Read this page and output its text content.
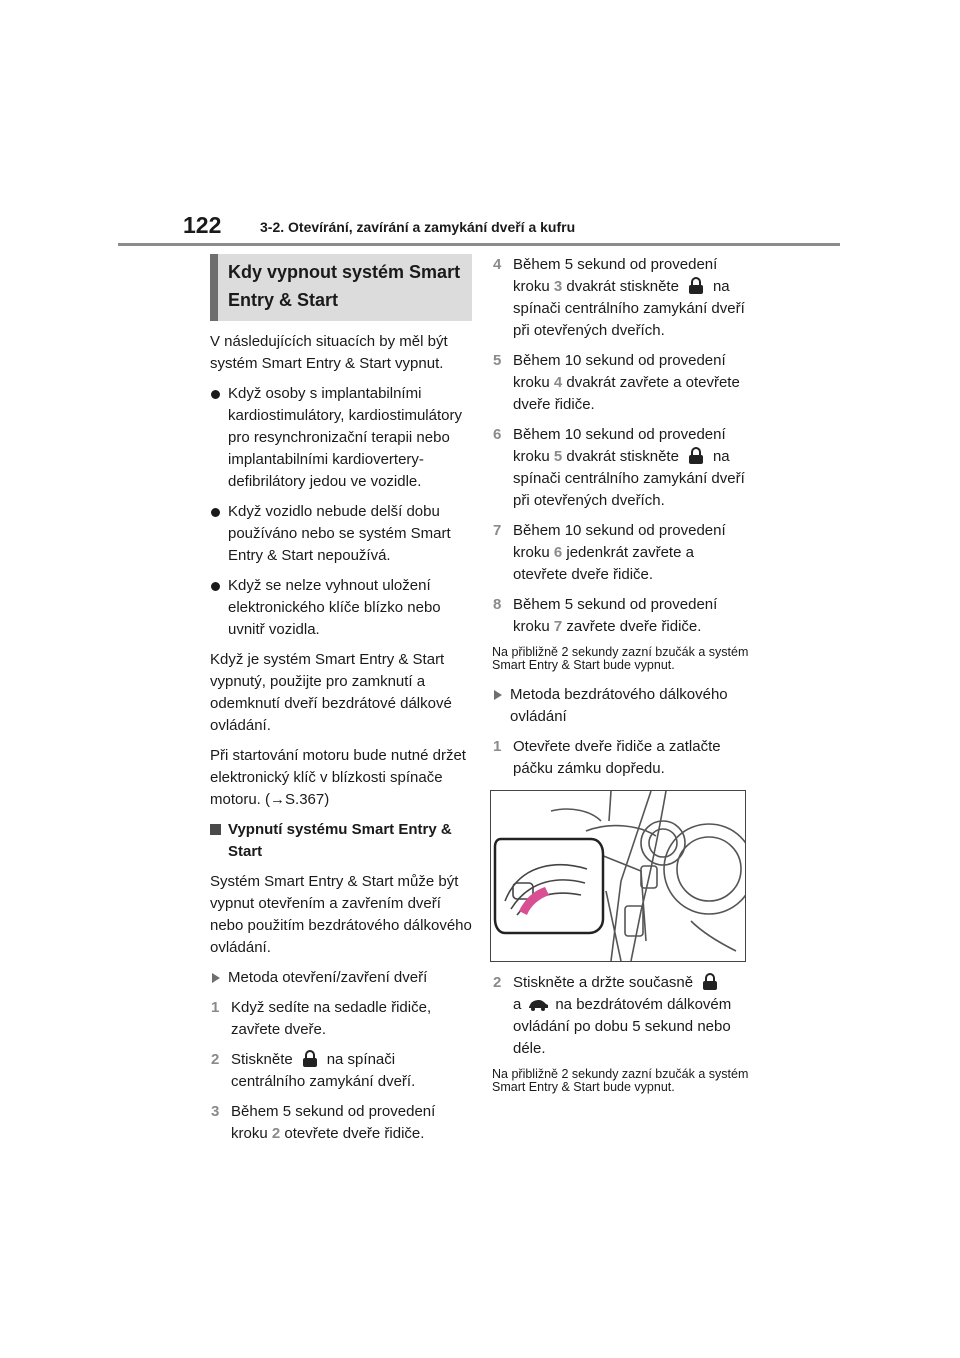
122	3-2. Otevírání, zavírání a zamykání dveří a kufru
Kdy vypnout systém Smart Entry & Start

V následujících situacích by měl být systém Smart Entry & Start vypnut.

Když osoby s implantabilními kardiostimulátory, kardiostimulátory pro resynchronizační terapii nebo implantabilními kardiovertery-defibrilátory jedou ve vozidle.

Když vozidlo nebude delší dobu používáno nebo se systém Smart Entry & Start nepoužívá.

Když se nelze vyhnout uložení elektronického klíče blízko nebo uvnitř vozidla.

Když je systém Smart Entry & Start vypnutý, použijte pro zamknutí a odemknutí dveří bezdrátové dálkové ovládání.

Při startování motoru bude nutné držet elektronický klíč v blízkosti spínače motoru. (→S.367)

Vypnutí systému Smart Entry & Start

Systém Smart Entry & Start může být vypnut otevřením a zavřením dveří nebo použitím bezdrátového dálkového ovládání.

Metoda otevření/zavření dveří

1 Když sedíte na sedadle řidiče, zavřete dveře.

2 Stiskněte na spínači centrálního zamykání dveří.

3 Během 5 sekund od provedení kroku 2 otevřete dveře řidiče.

4 Během 5 sekund od provedení kroku 3 dvakrát stiskněte na spínači centrálního zamykání dveří při otevřených dveřích.

5 Během 10 sekund od provedení kroku 4 dvakrát zavřete a otevřete dveře řidiče.

6 Během 10 sekund od provedení kroku 5 dvakrát stiskněte na spínači centrálního zamykání dveří při otevřených dveřích.

7 Během 10 sekund od provedení kroku 6 jedenkrát zavřete a otevřete dveře řidiče.

8 Během 5 sekund od provedení kroku 7 zavřete dveře řidiče.

Na přibližně 2 sekundy zazní bzučák a systém Smart Entry & Start bude vypnut.

Metoda bezdrátového dálkového ovládání

1 Otevřete dveře řidiče a zatlačte páčku zámku dopředu.

2 Stiskněte a držte současně
a na bezdrátovém dálkovém ovládání po dobu 5 sekund nebo déle.

Na přibližně 2 sekundy zazní bzučák a systém Smart Entry & Start bude vypnut.
